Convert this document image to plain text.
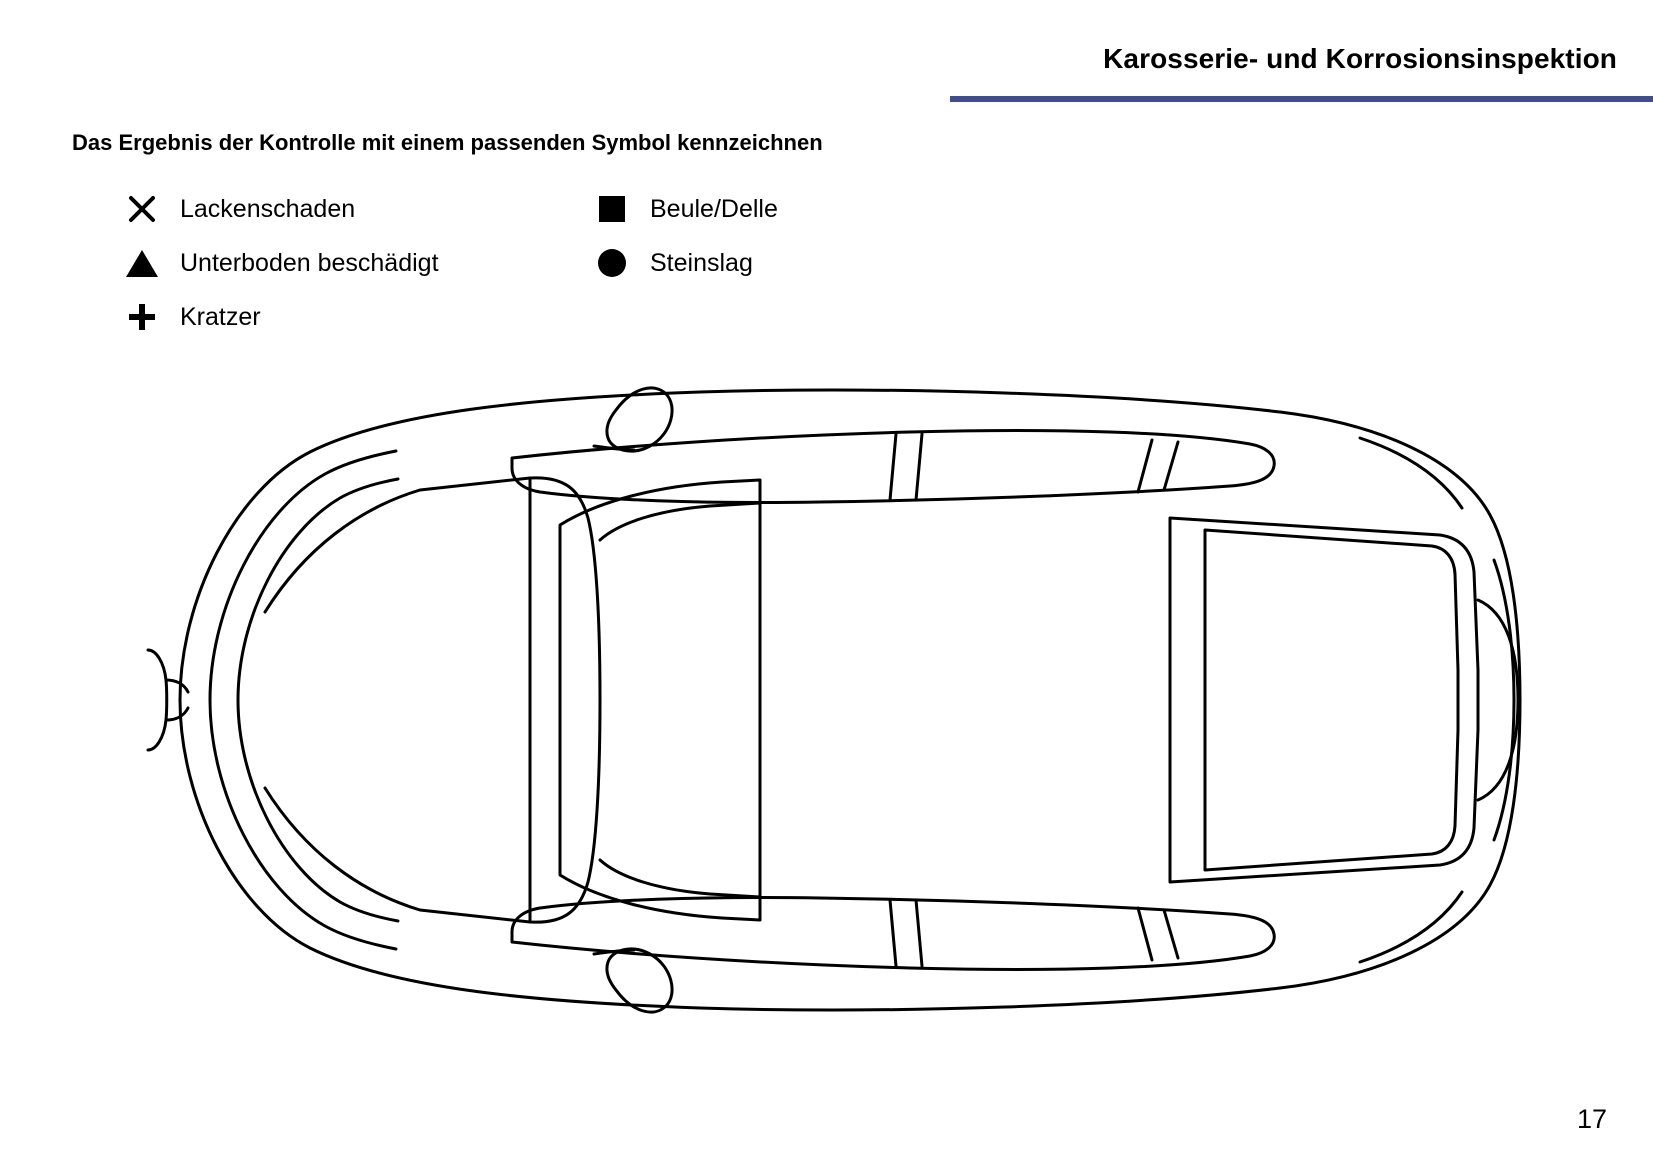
Karosserie- und Korrosionsinspektion
Das Ergebnis der Kontrolle mit einem passenden Symbol kennzeichnen
Lackenschaden
Unterboden beschädigt
Kratzer
Beule/Delle
Steinslag
17
